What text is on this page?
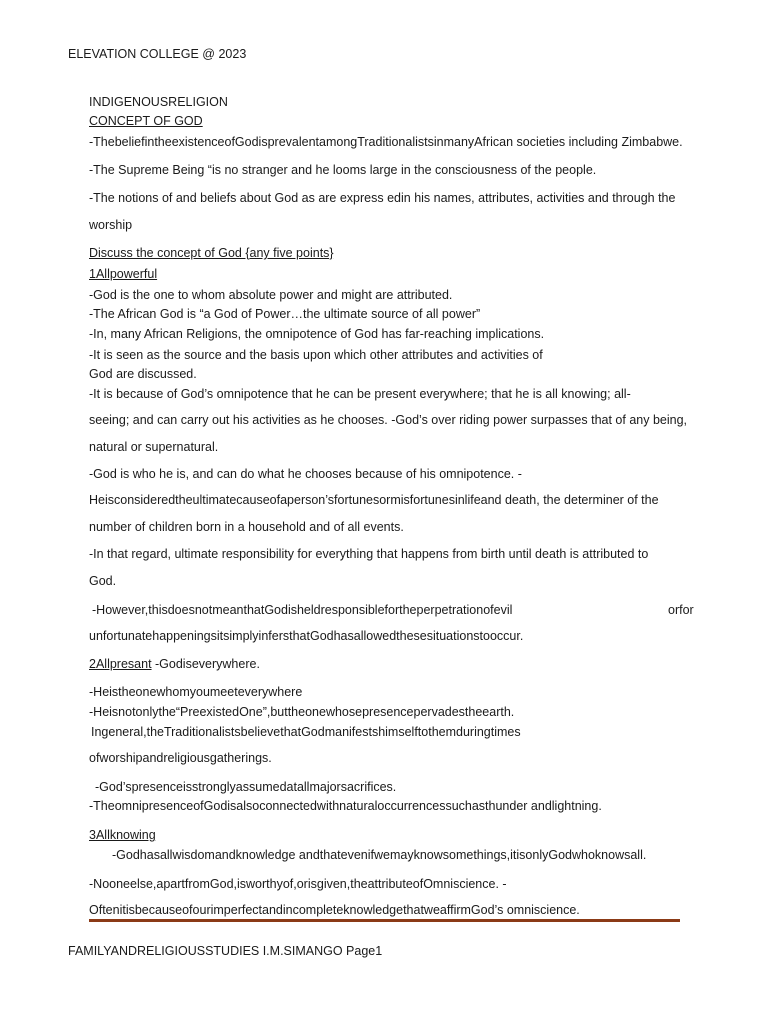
ELEVATION COLLEGE @ 2023
INDIGENOUSRELIGION
CONCEPT OF GOD
-ThebeliefintheexistenceofGodisprevalentamongTraditionalistsinmanyAfrican societies including Zimbabwe.
-The Supreme Being “is no stranger and he looms large in the consciousness of the people.
-The notions of and beliefs about God as are express edin his names, attributes, activities and through the
worship
Discuss the concept of God {any five points}
1Allpowerful
-God is the one to whom absolute power and might are attributed.
-The African God is “a God of Power…the ultimate source of all power”
-In, many African Religions, the omnipotence of God has far-reaching implications.
-It is seen as the source and the basis upon which other attributes and activities of
God are discussed.
-It is because of God’s omnipotence that he can be present everywhere; that he is all knowing; all-
seeing; and can carry out his activities as he chooses. -God’s over riding power surpasses that of any being,
natural or supernatural.
-God is who he is, and can do what he chooses because of his omnipotence. -
Heisconsideredtheultimatecauseofaperson’sfortunesormisfortunesinlifeand death, the determiner of the
number of children born in a household and of all events.
-In that regard, ultimate responsibility for everything that happens from birth until death is attributed to
God.
-However,thisdoesnotmeanthatGodisheldresponsiblefortheperpetrationofevil	orfor
unfortunatehappeningsitsimplyinfersthatGodhasallowedthesesituationstooccur.
2Allpresant -Godiseverywhere.
-Heistheonewhomyoumeeteverywhere
-Heisnotonlythe“PreexistedOne”,buttheonewhosepresencepervadestheearth.
Ingeneral,theTraditionalistsbelievethatGodmanifestshimselftothemduringtimes
ofworshipandreligiousgatherings.
-God’spresenceisstronglyassumedatallmajorsacrifices.
-TheomnipresenceofGodisalsoconnectedwithnaturaloccurrencessuchasthunder andlightning.
3Allknowing
-Godhasallwisdomandknowledge andthatevenifwemayknowsomethings,itisonlyGodwhoknowsall.
-Nooneelse,apartfromGod,isworthyof,orisgiven,theattributeofOmniscience. -
OftenitisbecauseofourimperfectandincompleteknowledgethatweaffirmGod’s omniscience.
FAMILYANDRELIGIOUSSTUDIES I.M.SIMANGO Page1
